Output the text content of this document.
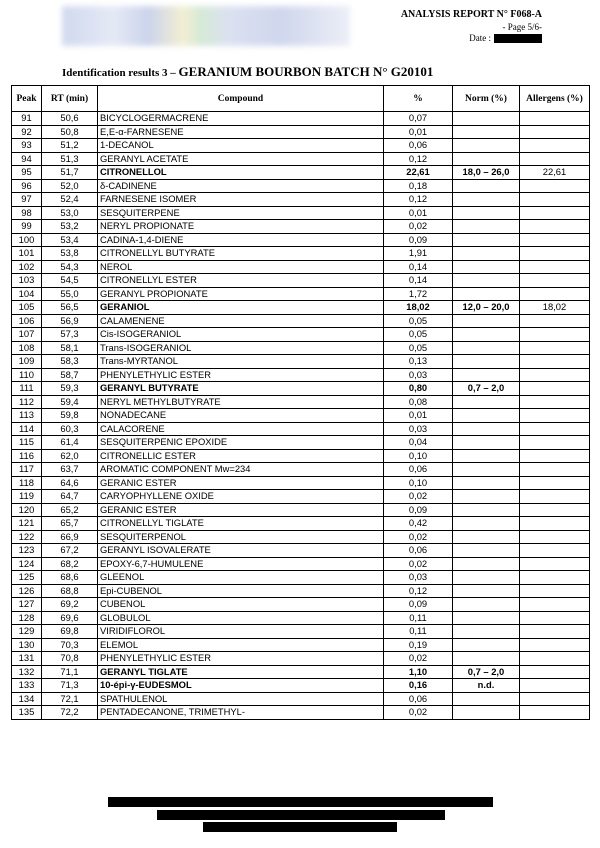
ANALYSIS REPORT N° F068-A
- Page 5/6-
Date :
Identification results 3 – GERANIUM BOURBON BATCH N° G20101
Peak	RT (min)	Compound	%	Norm (%)	Allergens (%)
91	50,6	BICYCLOGERMACRENE	0,07		
92	50,8	E,E-α-FARNESENE	0,01		
93	51,2	1-DECANOL	0,06		
94	51,3	GERANYL ACETATE	0,12		
95	51,7	CITRONELLOL	22,61	18,0 – 26,0	22,61
96	52,0	δ-CADINENE	0,18		
97	52,4	FARNESENE ISOMER	0,12		
98	53,0	SESQUITERPENE	0,01		
99	53,2	NERYL PROPIONATE	0,02		
100	53,4	CADINA-1,4-DIENE	0,09		
101	53,8	CITRONELLYL BUTYRATE	1,91		
102	54,3	NEROL	0,14		
103	54,5	CITRONELLYL ESTER	0,14		
104	55,0	GERANYL PROPIONATE	1,72		
105	56,5	GERANIOL	18,02	12,0 – 20,0	18,02
106	56,9	CALAMENENE	0,05		
107	57,3	Cis-ISOGERANIOL	0,05		
108	58,1	Trans-ISOGERANIOL	0,05		
109	58,3	Trans-MYRTANOL	0,13		
110	58,7	PHENYLETHYLIC ESTER	0,03		
111	59,3	GERANYL BUTYRATE	0,80	0,7 – 2,0	
112	59,4	NERYL METHYLBUTYRATE	0,08		
113	59,8	NONADECANE	0,01		
114	60,3	CALACORENE	0,03		
115	61,4	SESQUITERPENIC EPOXIDE	0,04		
116	62,0	CITRONELLIC ESTER	0,10		
117	63,7	AROMATIC COMPONENT Mw=234	0,06		
118	64,6	GERANIC ESTER	0,10		
119	64,7	CARYOPHYLLENE OXIDE	0,02		
120	65,2	GERANIC ESTER	0,09		
121	65,7	CITRONELLYL TIGLATE	0,42		
122	66,9	SESQUITERPENOL	0,02		
123	67,2	GERANYL ISOVALERATE	0,06		
124	68,2	EPOXY-6,7-HUMULENE	0,02		
125	68,6	GLEENOL	0,03		
126	68,8	Epi-CUBENOL	0,12		
127	69,2	CUBENOL	0,09		
128	69,6	GLOBULOL	0,11		
129	69,8	VIRIDIFLOROL	0,11		
130	70,3	ELEMOL	0,19		
131	70,8	PHENYLETHYLIC ESTER	0,02		
132	71,1	GERANYL TIGLATE	1,10	0,7 – 2,0	
133	71,3	10-épi-γ-EUDESMOL	0,16	n.d.	
134	72,1	SPATHULENOL	0,06		
135	72,2	PENTADECANONE, TRIMETHYL-	0,02		
